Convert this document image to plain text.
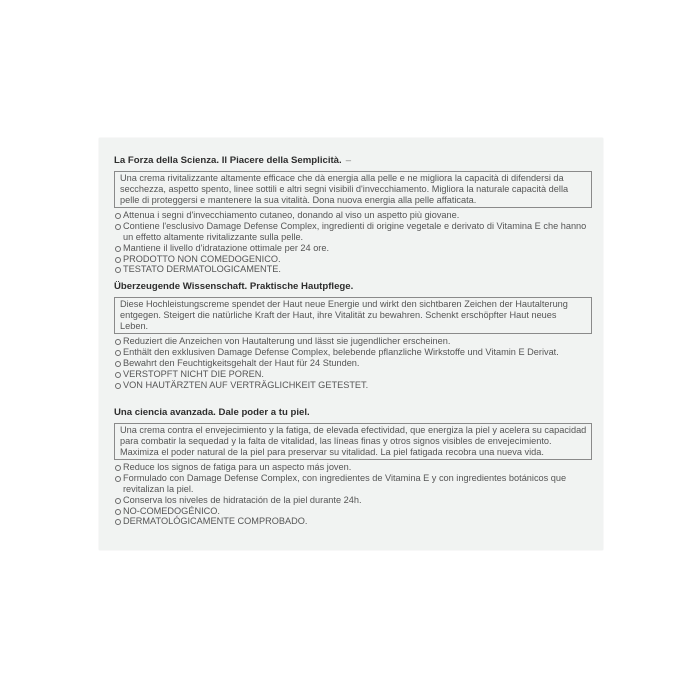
La Forza della Scienza. Il Piacere della Semplicità. –
Una crema rivitalizzante altamente efficace che dà energia alla pelle e ne migliora la capacità di difendersi da secchezza, aspetto spento, linee sottili e altri segni visibili d'invecchiamento. Migliora la naturale capacità della pelle di proteggersi e mantenere la sua vitalità. Dona nuova energia alla pelle affaticata.
Attenua i segni d'invecchiamento cutaneo, donando al viso un aspetto più giovane.
Contiene l'esclusivo Damage Defense Complex, ingredienti di origine vegetale e derivato di Vitamina E che hanno un effetto altamente rivitalizzante sulla pelle.
Mantiene il livello d'idratazione ottimale per 24 ore.
PRODOTTO NON COMEDOGENICO.
TESTATO DERMATOLOGICAMENTE.
Überzeugende Wissenschaft. Praktische Hautpflege.
Diese Hochleistungscreme spendet der Haut neue Energie und wirkt den sichtbaren Zeichen der Hautalterung entgegen. Steigert die natürliche Kraft der Haut, ihre Vitalität zu bewahren. Schenkt erschöpfter Haut neues Leben.
Reduziert die Anzeichen von Hautalterung und lässt sie jugendlicher erscheinen.
Enthält den exklusiven Damage Defense Complex, belebende pflanzliche Wirkstoffe und Vitamin E Derivat.
Bewahrt den Feuchtigkeitsgehalt der Haut für 24 Stunden.
VERSTOPFT NICHT DIE POREN.
VON HAUTÄRZTEN AUF VERTRÄGLICHKEIT GETESTET.
Una ciencia avanzada. Dale poder a tu piel.
Una crema contra el envejecimiento y la fatiga, de elevada efectividad, que energiza la piel y acelera su capacidad para combatir la sequedad y la falta de vitalidad, las líneas finas y otros signos visibles de envejecimiento. Maximiza el poder natural de la piel para preservar su vitalidad. La piel fatigada recobra una nueva vida.
Reduce los signos de fatiga para un aspecto más joven.
Formulado con Damage Defense Complex, con ingredientes de Vitamina E y con ingredientes botánicos que revitalizan la piel.
Conserva los niveles de hidratación de la piel durante 24h.
NO-COMEDOGÉNICO.
DERMATOLÓGICAMENTE COMPROBADO.
